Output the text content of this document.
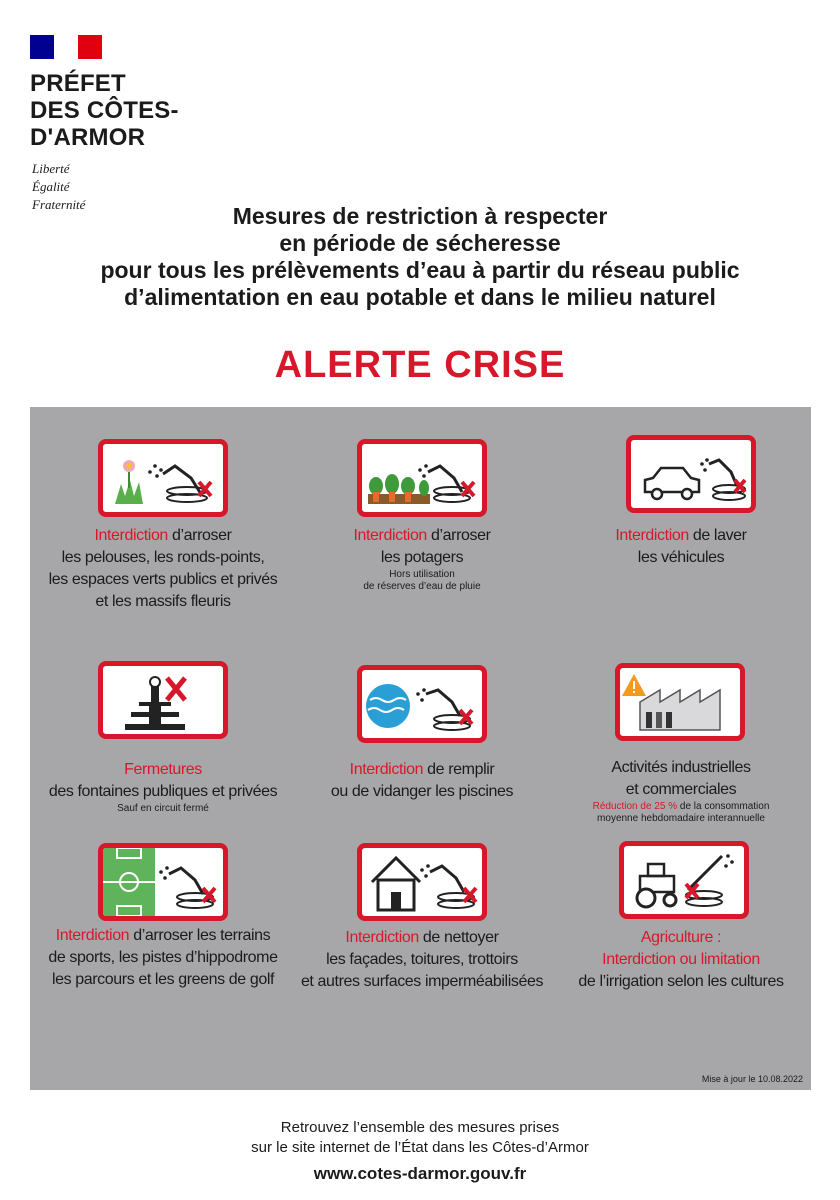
PRÉFET
DES CÔTES-
D'ARMOR
Liberté
Égalité
Fraternité	Mesures de restriction à respecter
en période de sécheresse
pour tous les prélèvements d’eau à partir du réseau public
d’alimentation en eau potable et dans le milieu naturel
ALERTE CRISE
Interdiction d’arroser
les pelouses, les ronds-points,
les espaces verts publics et privés
et les massifs fleuris
Interdiction d’arroser
les potagers
Hors utilisation
de réserves d’eau de pluie
Interdiction de laver
les véhicules
Fermetures
des fontaines publiques et privées
Sauf en circuit fermé
Interdiction de remplir
ou de vidanger les piscines
Activités industrielles
et commerciales
Réduction de 25 % de la consommation
moyenne hebdomadaire interannuelle
Interdiction d’arroser les terrains
de sports, les pistes d’hippodrome
les parcours et les greens de golf
Interdiction de nettoyer
les façades, toitures, trottoirs
et autres surfaces imperméabilisées
Agriculture :
Interdiction ou limitation
de l’irrigation selon les cultures
Mise à jour le 10.08.2022
Retrouvez l’ensemble des mesures prises
sur le site internet de l’État dans les Côtes-d’Armor
www.cotes-darmor.gouv.fr
